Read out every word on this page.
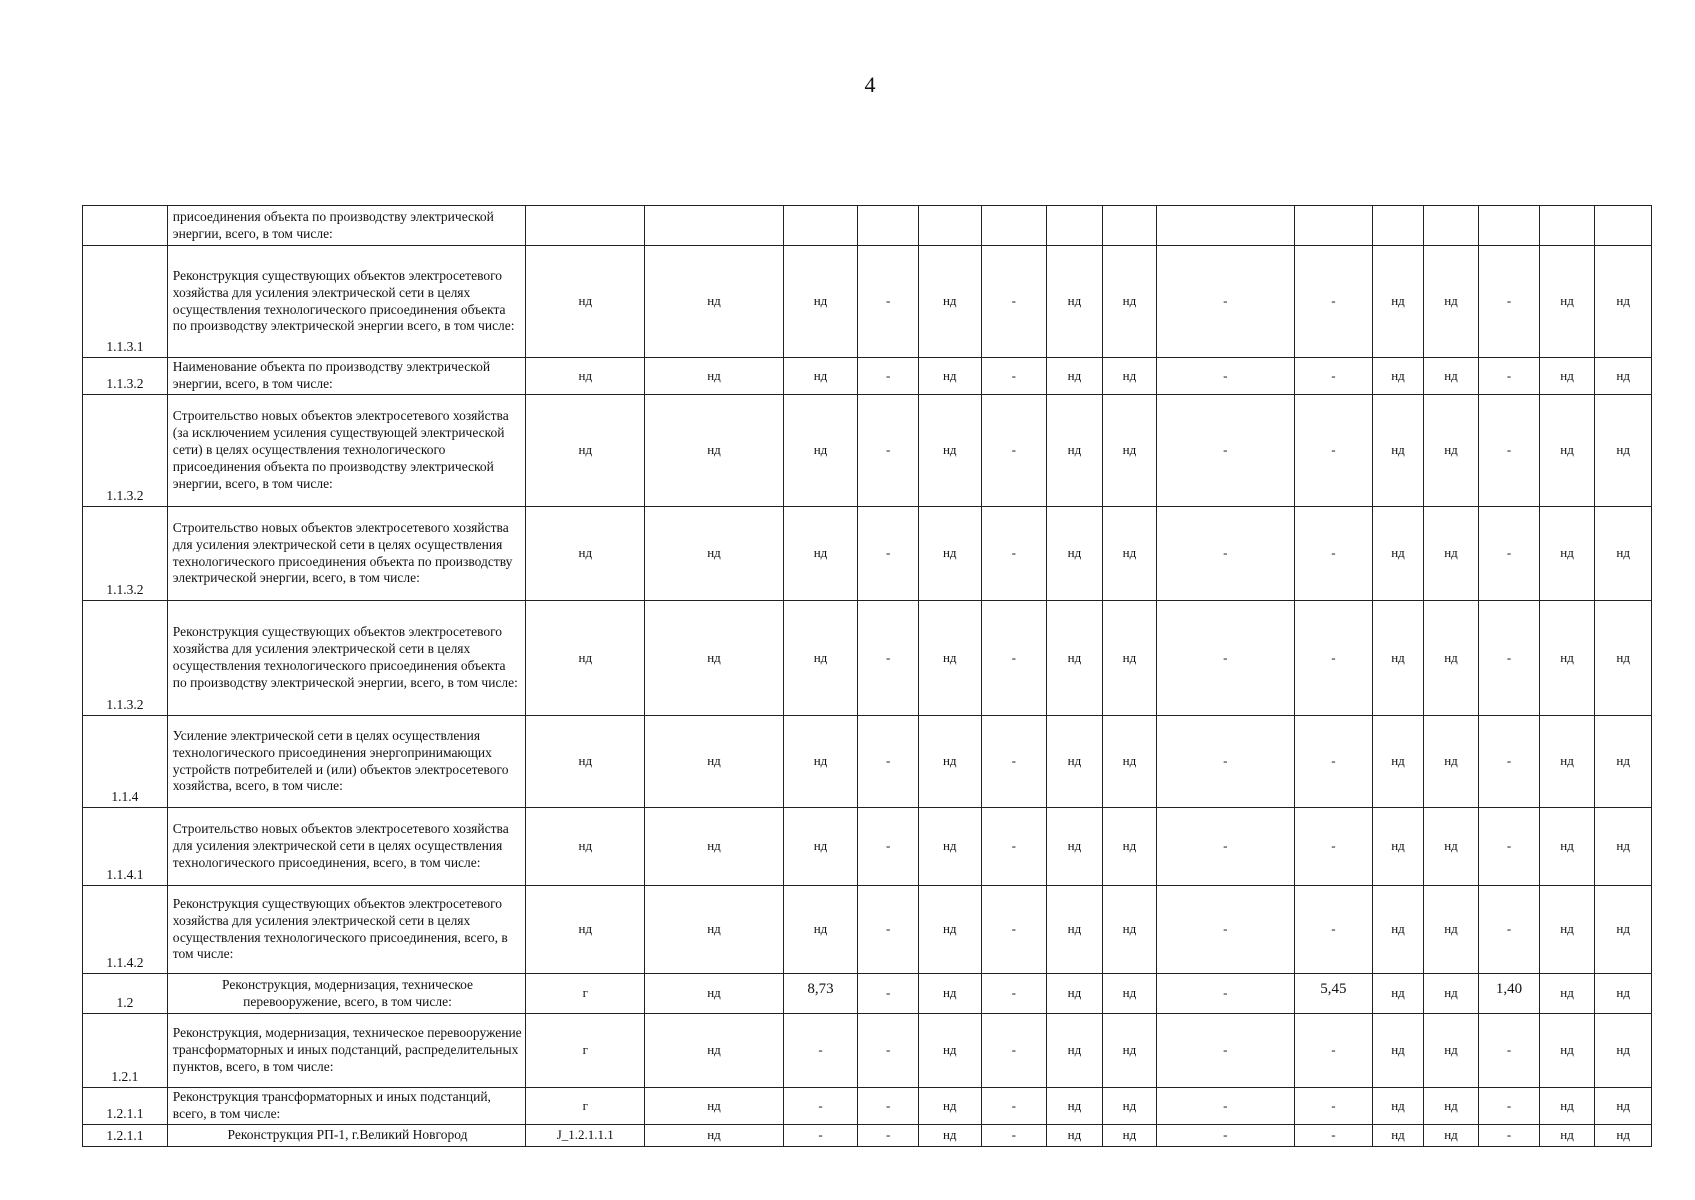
4
	присоединения объекта по производству электрической энергии, всего, в том числе:															
1.1.3.1	Реконструкция существующих объектов электросетевого хозяйства для усиления электрической сети в целях осуществления технологического присоединения объекта по производству электрической энергии всего, в том числе:	нд	нд	нд	-	нд	-	нд	нд	-	-	нд	нд	-	нд	нд
1.1.3.2	Наименование объекта по производству электрической энергии, всего, в том числе:	нд	нд	нд	-	нд	-	нд	нд	-	-	нд	нд	-	нд	нд
1.1.3.2	Строительство новых объектов электросетевого хозяйства (за исключением усиления существующей электрической сети) в целях осуществления технологического присоединения объекта по производству электрической энергии, всего, в том числе:	нд	нд	нд	-	нд	-	нд	нд	-	-	нд	нд	-	нд	нд
1.1.3.2	Строительство новых объектов электросетевого хозяйства для усиления электрической сети в целях осуществления технологического присоединения объекта по производству электрической энергии, всего, в том числе:	нд	нд	нд	-	нд	-	нд	нд	-	-	нд	нд	-	нд	нд
1.1.3.2	Реконструкция существующих объектов электросетевого хозяйства для усиления электрической сети в целях осуществления технологического присоединения объекта по производству электрической энергии, всего, в том числе:	нд	нд	нд	-	нд	-	нд	нд	-	-	нд	нд	-	нд	нд
1.1.4	Усиление электрической сети в целях осуществления технологического присоединения энергопринимающих устройств потребителей и (или) объектов электросетевого хозяйства, всего, в том числе:	нд	нд	нд	-	нд	-	нд	нд	-	-	нд	нд	-	нд	нд
1.1.4.1	Строительство новых объектов электросетевого хозяйства для усиления электрической сети в целях осуществления технологического присоединения, всего, в том числе:	нд	нд	нд	-	нд	-	нд	нд	-	-	нд	нд	-	нд	нд
1.1.4.2	Реконструкция существующих объектов электросетевого хозяйства для усиления электрической сети в целях осуществления технологического присоединения, всего, в том числе:	нд	нд	нд	-	нд	-	нд	нд	-	-	нд	нд	-	нд	нд
1.2	Реконструкция, модернизация, техническое перевооружение, всего, в том числе:	г	нд	8,73	-	нд	-	нд	нд	-	5,45	нд	нд	1,40	нд	нд
1.2.1	Реконструкция, модернизация, техническое перевооружение трансформаторных и иных подстанций, распределительных пунктов, всего, в том числе:	г	нд	-	-	нд	-	нд	нд	-	-	нд	нд	-	нд	нд
1.2.1.1	Реконструкция трансформаторных и иных подстанций, всего, в том числе:	г	нд	-	-	нд	-	нд	нд	-	-	нд	нд	-	нд	нд
1.2.1.1	Реконструкция РП-1, г.Великий Новгород	J_1.2.1.1.1	нд	-	-	нд	-	нд	нд	-	-	нд	нд	-	нд	нд
